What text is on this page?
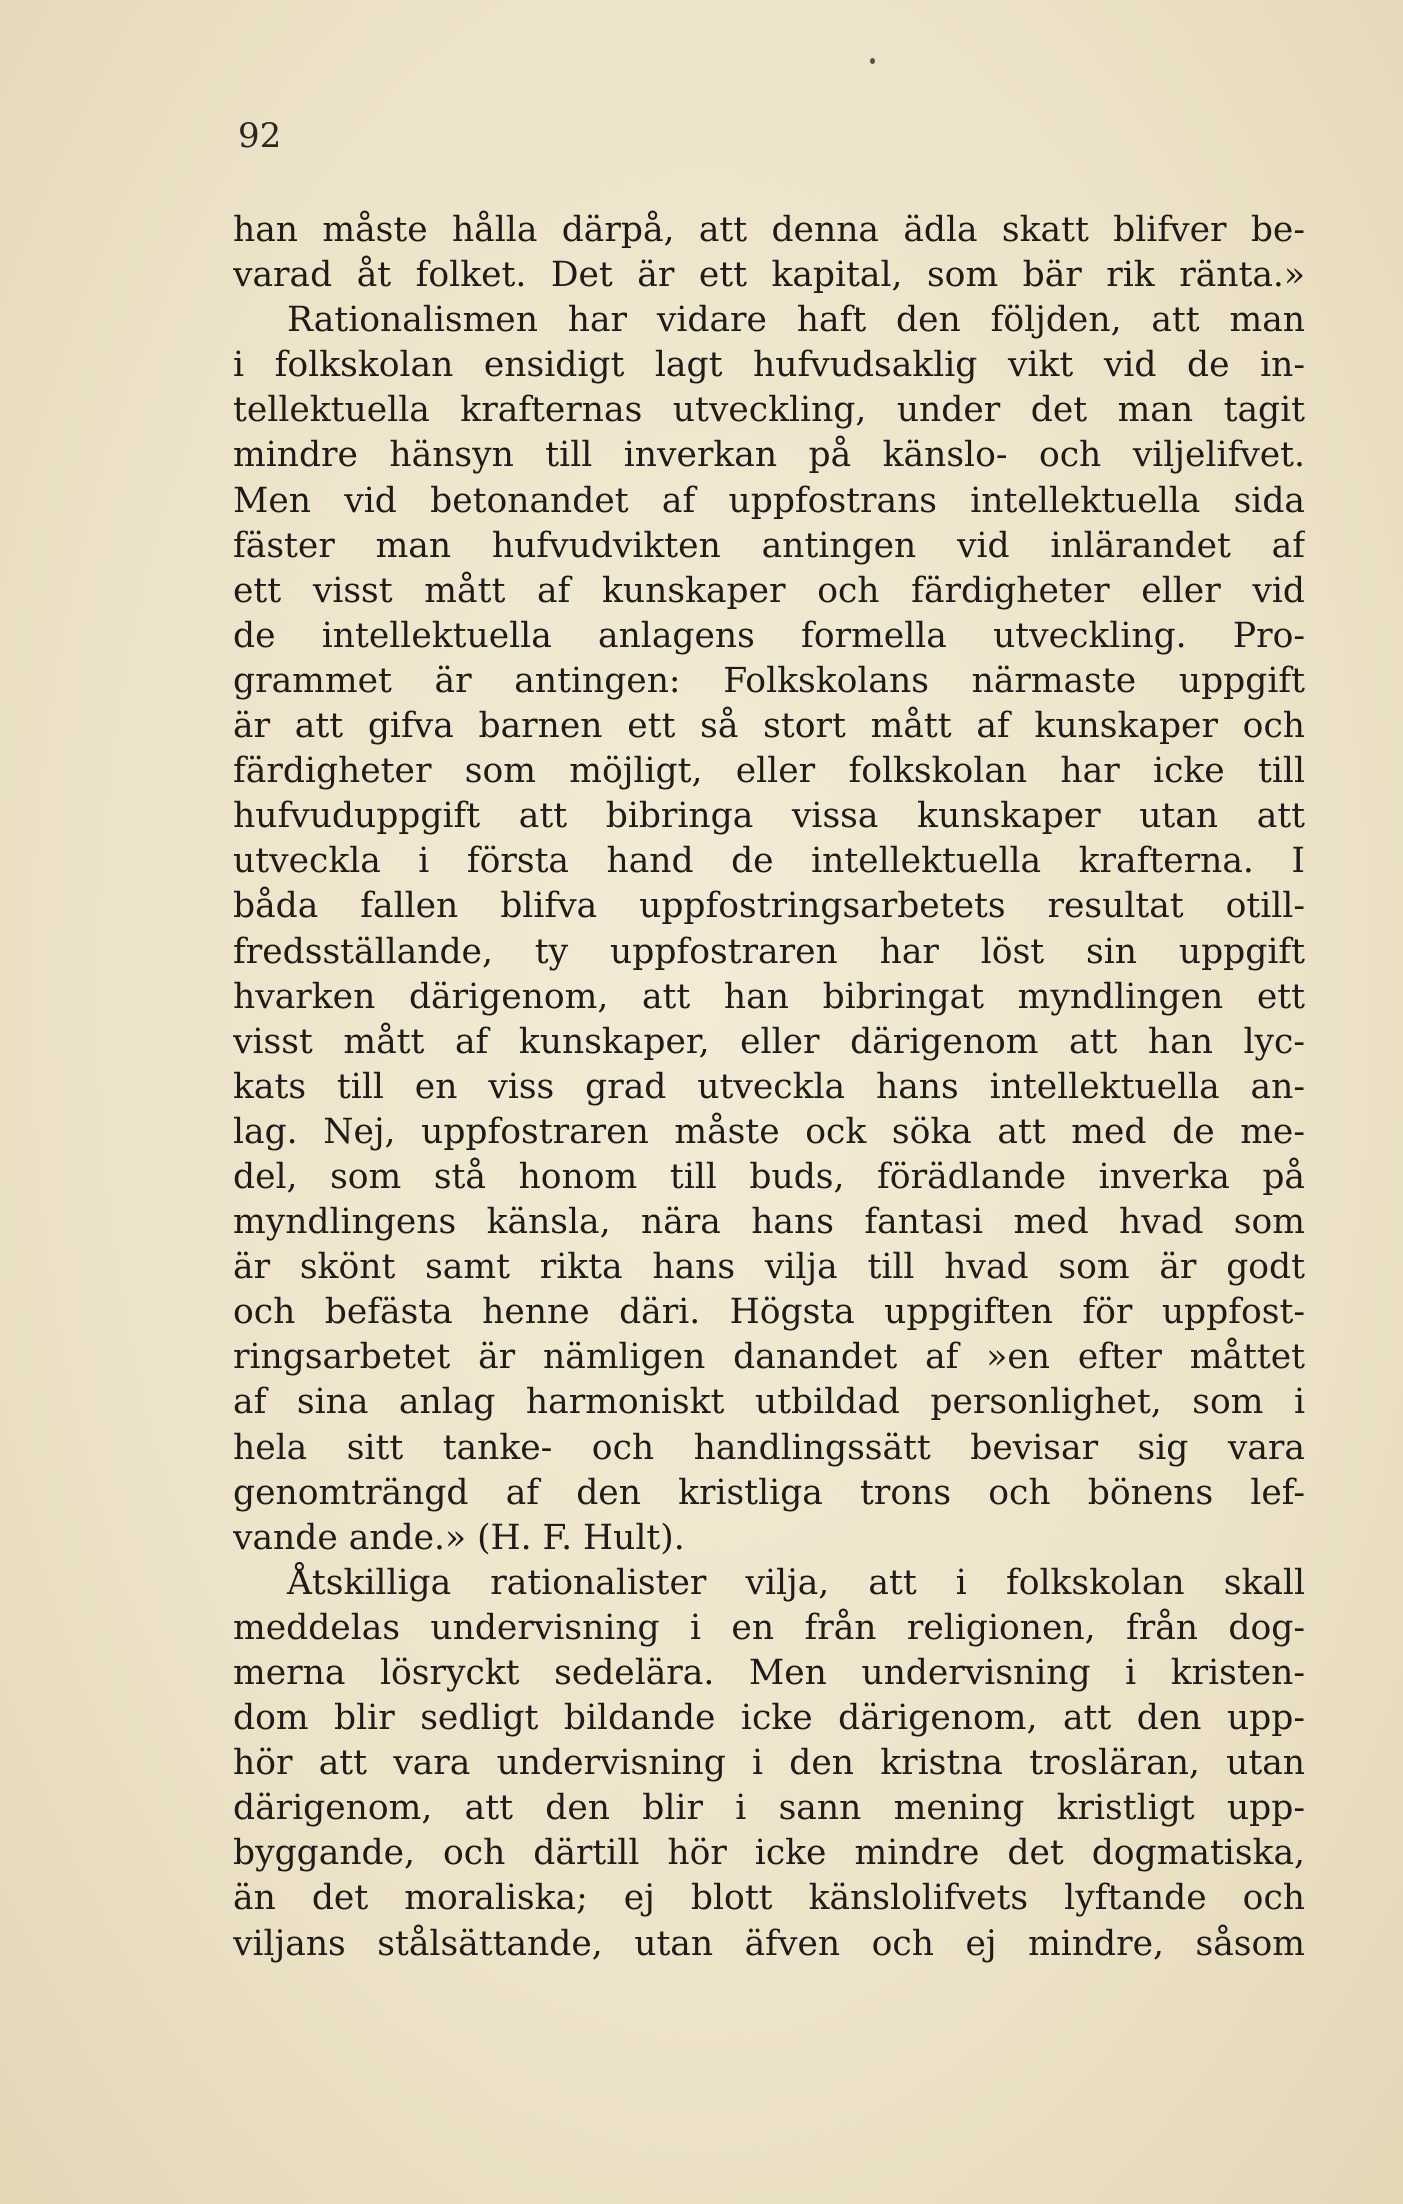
92

han måste hålla därpå, att denna ädla skatt blifver be-
varad åt folket. Det är ett kapital, som bär rik ränta.»
Rationalismen har vidare haft den följden, att man
i folkskolan ensidigt lagt hufvudsaklig vikt vid de in-
tellektuella krafternas utveckling, under det man tagit
mindre hänsyn till inverkan på känslo- och viljelifvet.
Men vid betonandet af uppfostrans intellektuella sida
fäster man hufvudvikten antingen vid inlärandet af
ett visst mått af kunskaper och färdigheter eller vid
de intellektuella anlagens formella utveckling. Pro-
grammet är antingen: Folkskolans närmaste uppgift
är att gifva barnen ett så stort mått af kunskaper och
färdigheter som möjligt, eller folkskolan har icke till
hufvuduppgift att bibringa vissa kunskaper utan att
utveckla i första hand de intellektuella krafterna. I
båda fallen blifva uppfostringsarbetets resultat otill-
fredsställande, ty uppfostraren har löst sin uppgift
hvarken därigenom, att han bibringat myndlingen ett
visst mått af kunskaper, eller därigenom att han lyc-
kats till en viss grad utveckla hans intellektuella an-
lag. Nej, uppfostraren måste ock söka att med de me-
del, som stå honom till buds, förädlande inverka på
myndlingens känsla, nära hans fantasi med hvad som
är skönt samt rikta hans vilja till hvad som är godt
och befästa henne däri. Högsta uppgiften för uppfost-
ringsarbetet är nämligen danandet af »en efter måttet
af sina anlag harmoniskt utbildad personlighet, som i
hela sitt tanke- och handlingssätt bevisar sig vara
genomträngd af den kristliga trons och bönens lef-
vande ande.» (H. F. Hult).
Åtskilliga rationalister vilja, att i folkskolan skall
meddelas undervisning i en från religionen, från dog-
merna lösryckt sedelära. Men undervisning i kristen-
dom blir sedligt bildande icke därigenom, att den upp-
hör att vara undervisning i den kristna trosläran, utan
därigenom, att den blir i sann mening kristligt upp-
byggande, och därtill hör icke mindre det dogmatiska,
än det moraliska; ej blott känslolifvets lyftande och
viljans stålsättande, utan äfven och ej mindre, såsom
